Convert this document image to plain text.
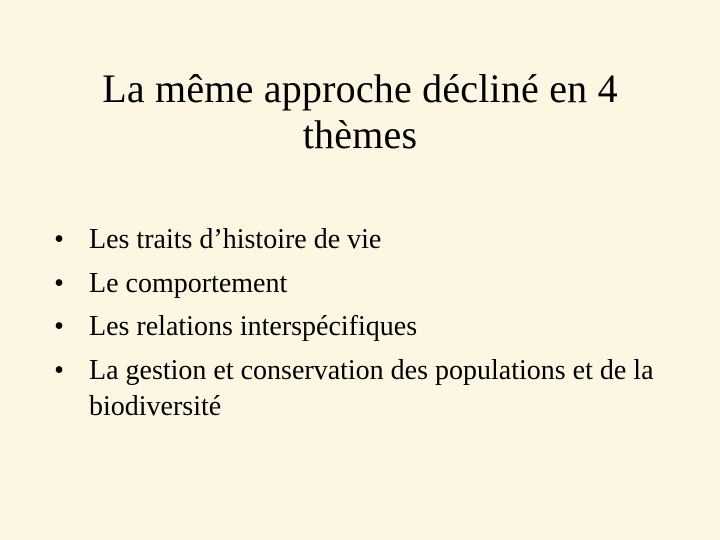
La même approche décliné en 4 thèmes
• Les traits d’histoire de vie
• Le comportement
• Les relations interspécifiques
• La gestion et conservation des populations et de la biodiversité
